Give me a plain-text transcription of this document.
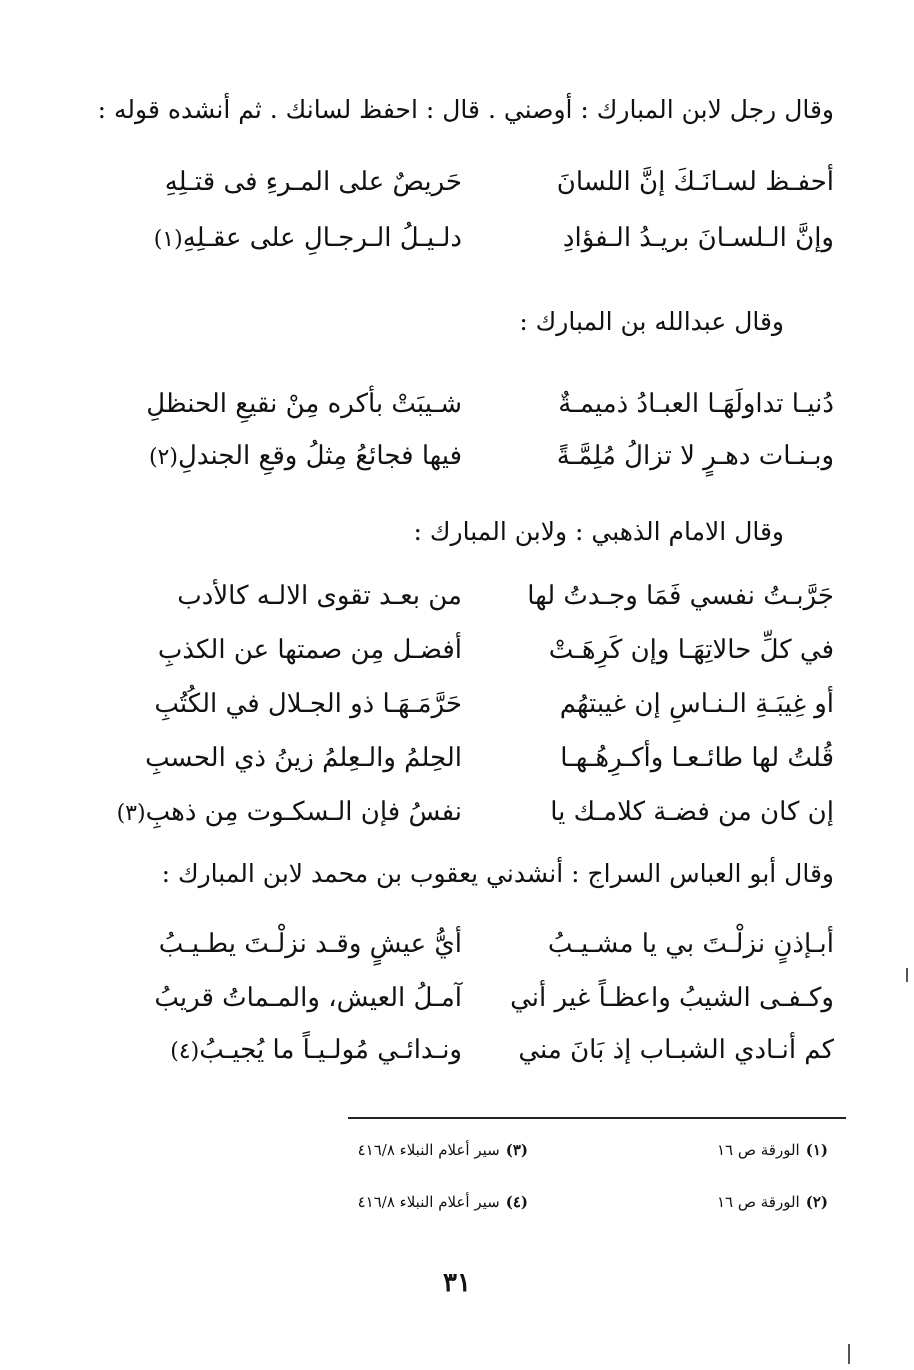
وقال رجل لابن المبارك : أوصني . قال : احفظ لسانك . ثم أنشده قوله :
أحفـظ لسـانَـكَ إنَّ اللسانَ
حَريصٌ على المـرءِ فى قتـلِهِ
وإنَّ الـلسـانَ بريـدُ الـفؤادِ
دلـيـلُ الـرجـالِ على عقـلِهِ(١)
وقال عبدالله بن المبارك :
دُنيـا تداولَهَـا العبـادُ ذميمـةٌ
شـيبَتْ بأكره مِنْ نقيعِ الحنظلِ
وبـنـات دهـرٍ لا تزالُ مُلِمَّـةً
فيها فجائعُ مِثلُ وقعِ الجندلِ(٢)
وقال الامام الذهبي : ولابن المبارك :
جَرَّبـتُ نفسي فَمَا وجـدتُ لها
من بعـد تقوى الالـه كالأدب
في كلِّ حالاتِهَـا وإن كَرِهَـتْ
أفضـل مِن صمتها عن الكذبِ
أو غِيبَـةِ الـنـاسِ إن غيبتهُم
حَرَّمَـهَـا ذو الجـلال في الكُتُبِ
قُلتُ لها طائـعـا وأكـرِهُـهـا
الحِلمُ والـعِلمُ زينُ ذي الحسبِ
إن كان من فضـة كلامـك يا
نفسُ فإن الـسكـوت مِن ذهبِ(٣)
وقال أبو العباس السراج : أنشدني يعقوب بن محمد لابن المبارك :
أبـإذنٍ نزلْـتَ بي يا مشـيـبُ
أيُّ عيشٍ وقـد نزلْـتَ يطـيـبُ
وكـفـى الشيبُ واعظـاً غير أني
آمـلُ العيش، والمـماتُ قريبُ
كم أنـادي الشبـاب إذ بَانَ مني
ونـدائـي مُولـيـاً ما يُجيـبُ(٤)
(١)الورقة ص ١٦
(٢)الورقة ص ١٦
(٣)سير أعلام النبلاء ٤١٦/٨
(٤)سير أعلام النبلاء ٤١٦/٨
٣١
